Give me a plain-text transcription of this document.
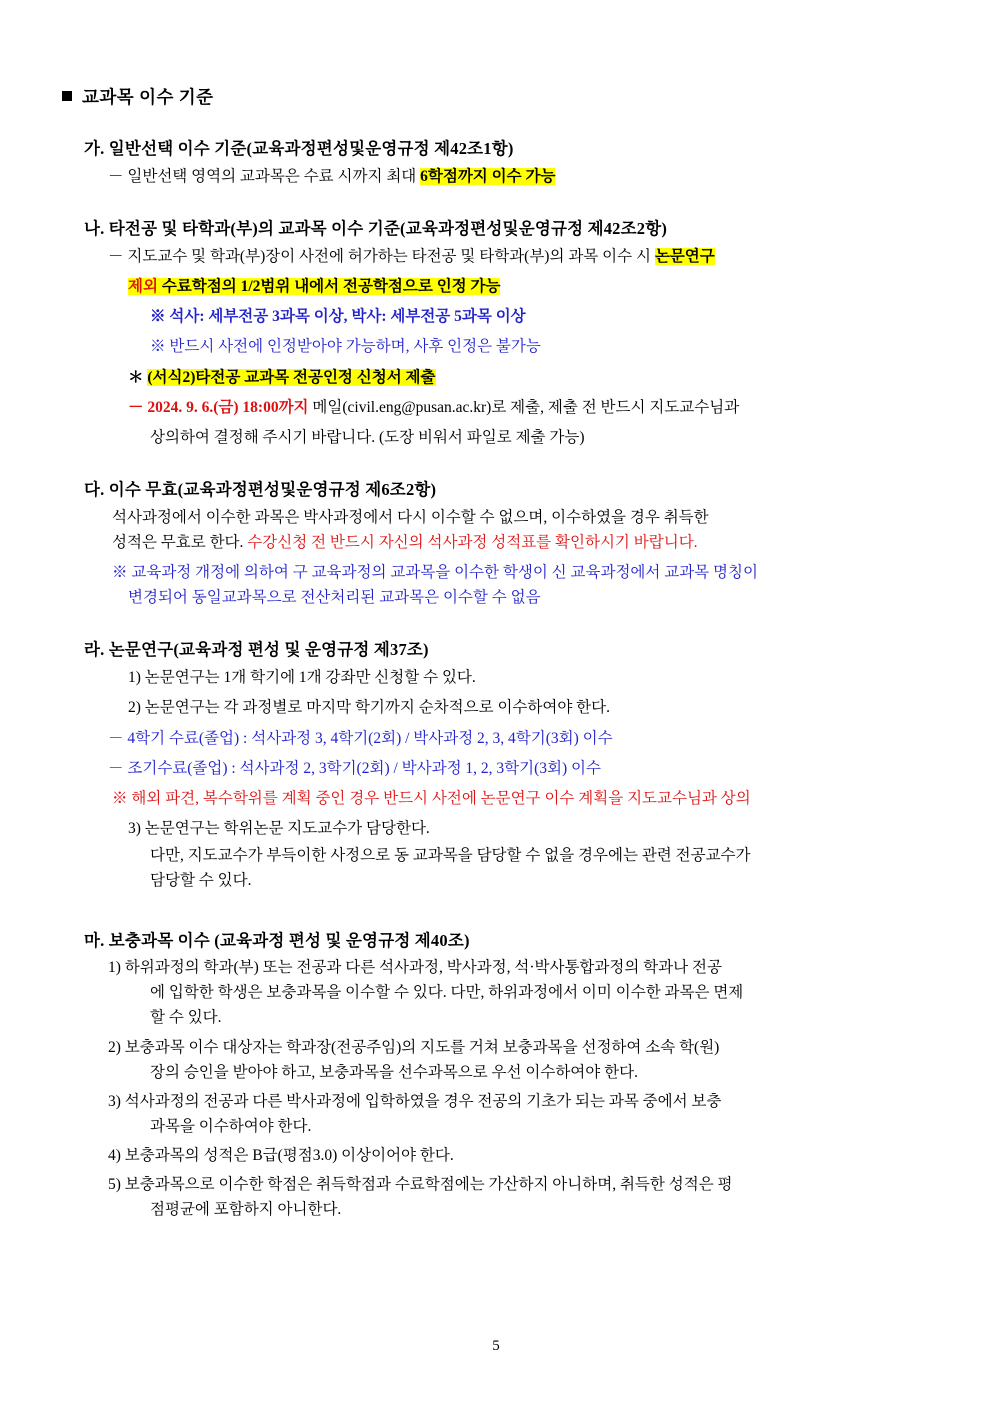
교과목 이수 기준
가. 일반선택 이수 기준(교육과정편성및운영규정 제42조1항)
－ 일반선택 영역의 교과목은 수료 시까지 최대 6학점까지 이수 가능
나. 타전공 및 타학과(부)의 교과목 이수 기준(교육과정편성및운영규정 제42조2항)
－ 지도교수 및 학과(부)장이 사전에 허가하는 타전공 및 타학과(부)의 과목 이수 시 논문연구
제외 수료학점의 1/2범위 내에서 전공학점으로 인정 가능
※ 석사: 세부전공 3과목 이상, 박사: 세부전공 5과목 이상
※ 반드시 사전에 인정받아야 가능하며, 사후 인정은 불가능
＊ (서식2)타전공 교과목 전공인정 신청서 제출
－ 2024. 9. 6.(금) 18:00까지 메일(civil.eng@pusan.ac.kr)로 제출, 제출 전 반드시 지도교수님과
상의하여 결정해 주시기 바랍니다. (도장 비워서 파일로 제출 가능)
다. 이수 무효(교육과정편성및운영규정 제6조2항)
석사과정에서 이수한 과목은 박사과정에서 다시 이수할 수 없으며, 이수하였을 경우 취득한
성적은 무효로 한다. 수강신청 전 반드시 자신의 석사과정 성적표를 확인하시기 바랍니다.
※ 교육과정 개정에 의하여 구 교육과정의 교과목을 이수한 학생이 신 교육과정에서 교과목 명칭이
변경되어 동일교과목으로 전산처리된 교과목은 이수할 수 없음
라. 논문연구(교육과정 편성 및 운영규정 제37조)
1) 논문연구는 1개 학기에 1개 강좌만 신청할 수 있다.
2) 논문연구는 각 과정별로 마지막 학기까지 순차적으로 이수하여야 한다.
－ 4학기 수료(졸업) : 석사과정 3, 4학기(2회) / 박사과정 2, 3, 4학기(3회) 이수
－ 조기수료(졸업) : 석사과정 2, 3학기(2회) / 박사과정 1, 2, 3학기(3회) 이수
※ 해외 파견, 복수학위를 계획 중인 경우 반드시 사전에 논문연구 이수 계획을 지도교수님과 상의
3) 논문연구는 학위논문 지도교수가 담당한다.
다만, 지도교수가 부득이한 사정으로 동 교과목을 담당할 수 없을 경우에는 관련 전공교수가
담당할 수 있다.
마. 보충과목 이수 (교육과정 편성 및 운영규정 제40조)
1) 하위과정의 학과(부) 또는 전공과 다른 석사과정, 박사과정, 석·박사통합과정의 학과나 전공
에 입학한 학생은 보충과목을 이수할 수 있다. 다만, 하위과정에서 이미 이수한 과목은 면제
할 수 있다.
2) 보충과목 이수 대상자는 학과장(전공주임)의 지도를 거쳐 보충과목을 선정하여 소속 학(원)
장의 승인을 받아야 하고, 보충과목을 선수과목으로 우선 이수하여야 한다.
3) 석사과정의 전공과 다른 박사과정에 입학하였을 경우 전공의 기초가 되는 과목 중에서 보충
과목을 이수하여야 한다.
4) 보충과목의 성적은 B급(평점3.0) 이상이어야 한다.
5) 보충과목으로 이수한 학점은 취득학점과 수료학점에는 가산하지 아니하며, 취득한 성적은 평
점평균에 포함하지 아니한다.
5
